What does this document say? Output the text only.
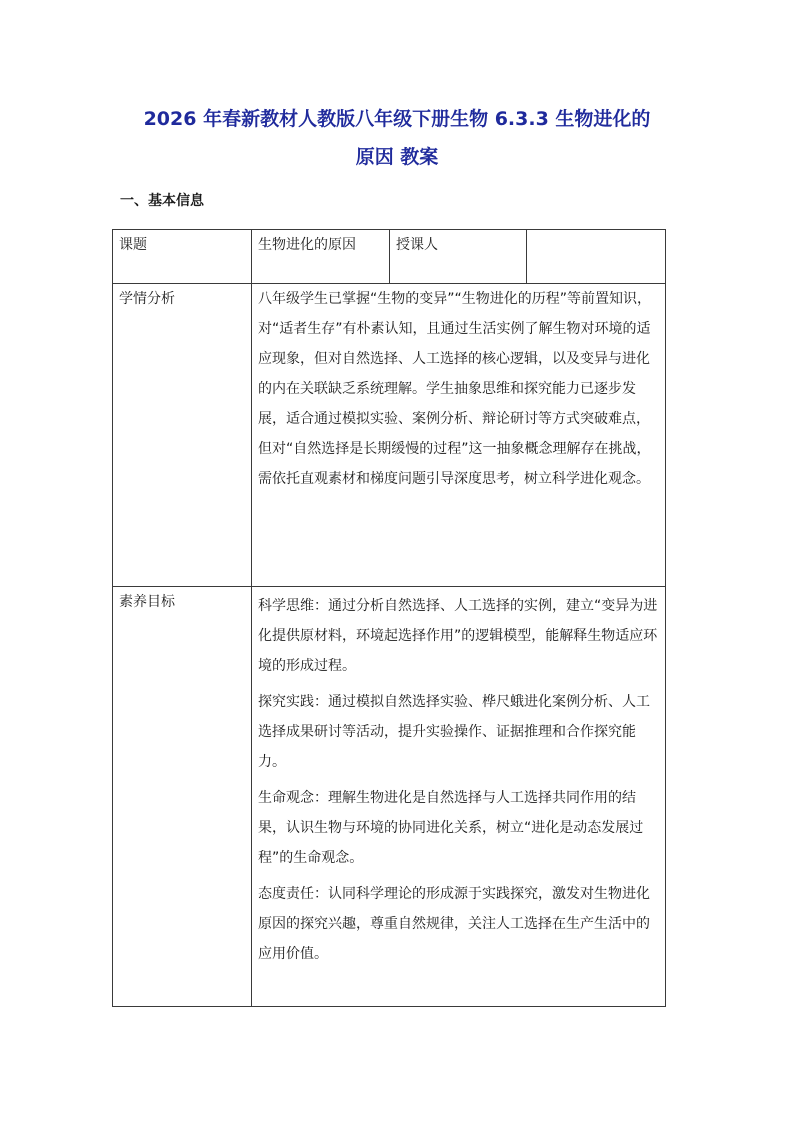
2026 年春新教材人教版八年级下册生物 6.3.3 生物进化的
原因 教案
一、基本信息
课题	生物进化的原因	授课人	
学情分析	八年级学生已掌握“生物的变异”“生物进化的历程”等前置知识，对“适者生存”有朴素认知，且通过生活实例了解生物对环境的适应现象，但对自然选择、人工选择的核心逻辑，以及变异与进化的内在关联缺乏系统理解。学生抽象思维和探究能力已逐步发展，适合通过模拟实验、案例分析、辩论研讨等方式突破难点，但对“自然选择是长期缓慢的过程”这一抽象概念理解存在挑战，需依托直观素材和梯度问题引导深度思考，树立科学进化观念。		
素养目标	科学思维：通过分析自然选择、人工选择的实例，建立“变异为进化提供原材料，环境起选择作用”的逻辑模型，能解释生物适应环境的形成过程。
探究实践：通过模拟自然选择实验、桦尺蛾进化案例分析、人工选择成果研讨等活动，提升实验操作、证据推理和合作探究能力。
生命观念：理解生物进化是自然选择与人工选择共同作用的结果，认识生物与环境的协同进化关系，树立“进化是动态发展过程”的生命观念。
态度责任：认同科学理论的形成源于实践探究，激发对生物进化原因的探究兴趣，尊重自然规律，关注人工选择在生产生活中的应用价值。		
